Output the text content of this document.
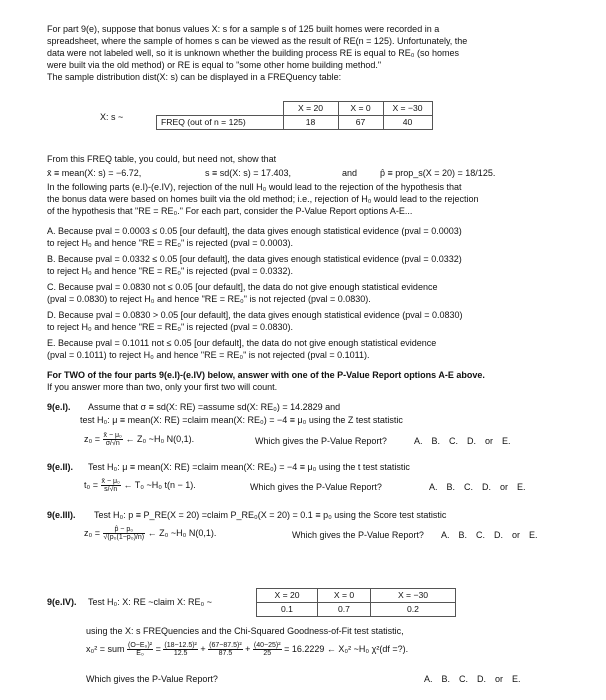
For part 9(e), suppose that bonus values X: s for a sample s of 125 built homes were recorded in a
spreadsheet, where the sample of homes s can be viewed as the result of RE(n = 125). Unfortunately, the
data were not labeled well, so it is unknown whether the building process RE is equal to RE₀ (so homes
were built via the old method) or RE is equal to "some other home building method."
The sample distribution dist(X: s) can be displayed in a FREQuency table:
X: s ~
	X = 20	X = 0	X = −30
FREQ (out of n = 125)	18	67	40
From this FREQ table, you could, but need not, show that
x̄ ≡ mean(X: s) = −6.72,	s ≡ sd(X: s) = 17.403,	and	p̂ ≡ prop_s(X = 20) = 18/125.
In the following parts (e.I)-(e.IV), rejection of the null H₀ would lead to the rejection of the hypothesis that
the bonus data were based on homes built via the old method; i.e., rejection of H₀ would lead to the rejection
of the hypothesis that "RE = RE₀." For each part, consider the P-Value Report options A-E...
A. Because pval = 0.0003 ≤ 0.05 [our default], the data gives enough statistical evidence (pval = 0.0003)
to reject H₀ and hence "RE = RE₀" is rejected (pval = 0.0003).
B. Because pval = 0.0332 ≤ 0.05 [our default], the data gives enough statistical evidence (pval = 0.0332)
to reject H₀ and hence "RE = RE₀" is rejected (pval = 0.0332).
C. Because pval = 0.0830 not ≤ 0.05 [our default], the data do not give enough statistical evidence
(pval = 0.0830) to reject H₀ and hence "RE = RE₀" is not rejected (pval = 0.0830).
D. Because pval = 0.0830 > 0.05 [our default], the data gives enough statistical evidence (pval = 0.0830)
to reject H₀ and hence "RE = RE₀" is rejected (pval = 0.0830).
E. Because pval = 0.1011 not ≤ 0.05 [our default], the data do not give enough statistical evidence
(pval = 0.1011) to reject H₀ and hence "RE = RE₀" is not rejected (pval = 0.1011).
For TWO of the four parts 9(e.I)-(e.IV) below, answer with one of the P-Value Report options A-E above.
If you answer more than two, only your first two will count.
9(e.I). Assume that σ ≡ sd(X: RE) =assume sd(X: RE₀) = 14.2829 and
test H₀: μ ≡ mean(X: RE) =claim mean(X: RE₀) = −4 ≡ μ₀ using the Z test statistic
$z_0 = \frac{\text{x̄ − μ₀}}{\sigma/√n}$ ← Z₀ ~H₀ N(0,1).	Which gives the P-Value Report?	A. B. C. D. or E.
9(e.II). Test H₀: μ ≡ mean(X: RE) =claim mean(X: RE₀) = −4 ≡ μ₀ using the t test statistic
$t_0 = \frac{\text{x̄ − μ₀}}{s/√n}$ ← T₀ ~H₀ t(n − 1).	Which gives the P-Value Report?	A. B. C. D. or E.
9(e.III). Test H₀: p ≡ P_RE(X = 20) =claim P_RE₀(X = 20) = 0.1 ≡ p₀ using the Score test statistic
$z_0 = \frac{\text{p̂ − p₀}}{\text{√(p₀(1−p₀)/n)}}$ ← Z₀ ~H₀ N(0,1).	Which gives the P-Value Report?	A. B. C. D. or E.
9(e.IV). Test H₀: X: RE ~claim X: RE₀ ~
X = 20	X = 0	X = −30
0.1	0.7	0.2
using the X: s FREQuencies and the Chi-Squared Goodness-of-Fit test statistic,
x₀² = sum $\frac{\text{(O−E₀)²}}{\text{E₀}} = \frac{\text{(18−12.5)²}}{12.5} + \frac{\text{(67−87.5)²}}{87.5} + \frac{\text{(40−25)²}}{25} = 16.2229$ ← X₀² ~H₀ χ²(df =?).
Which gives the P-Value Report?	A. B. C. D. or E.
